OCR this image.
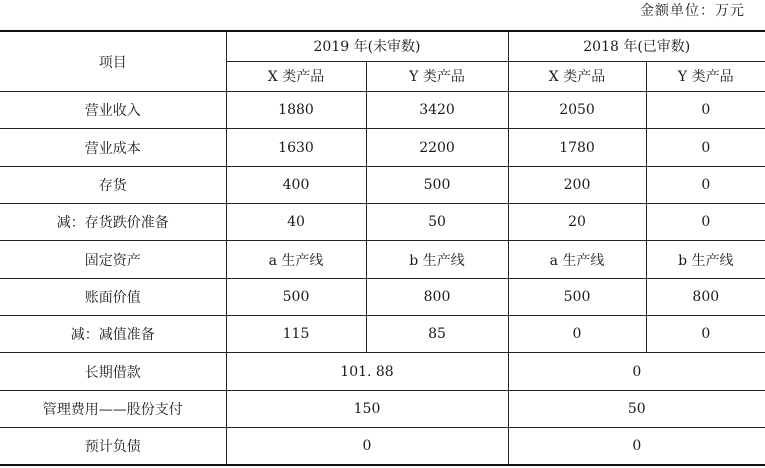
金额单位：万元
项目	2019 年(未审数)		2018 年(已审数)	
	X 类产品	Y 类产品	X 类产品	Y 类产品
营业收入	1880	3420	2050	0
营业成本	1630	2200	1780	0
存货	400	500	200	0
减：存货跌价准备	40	50	20	0
固定资产	a 生产线	b 生产线	a 生产线	b 生产线
账面价值	500	800	500	800
减：减值准备	115	85	0	0
长期借款	101. 88		0	
管理费用——股份支付	150		50	
预计负债	0		0	
